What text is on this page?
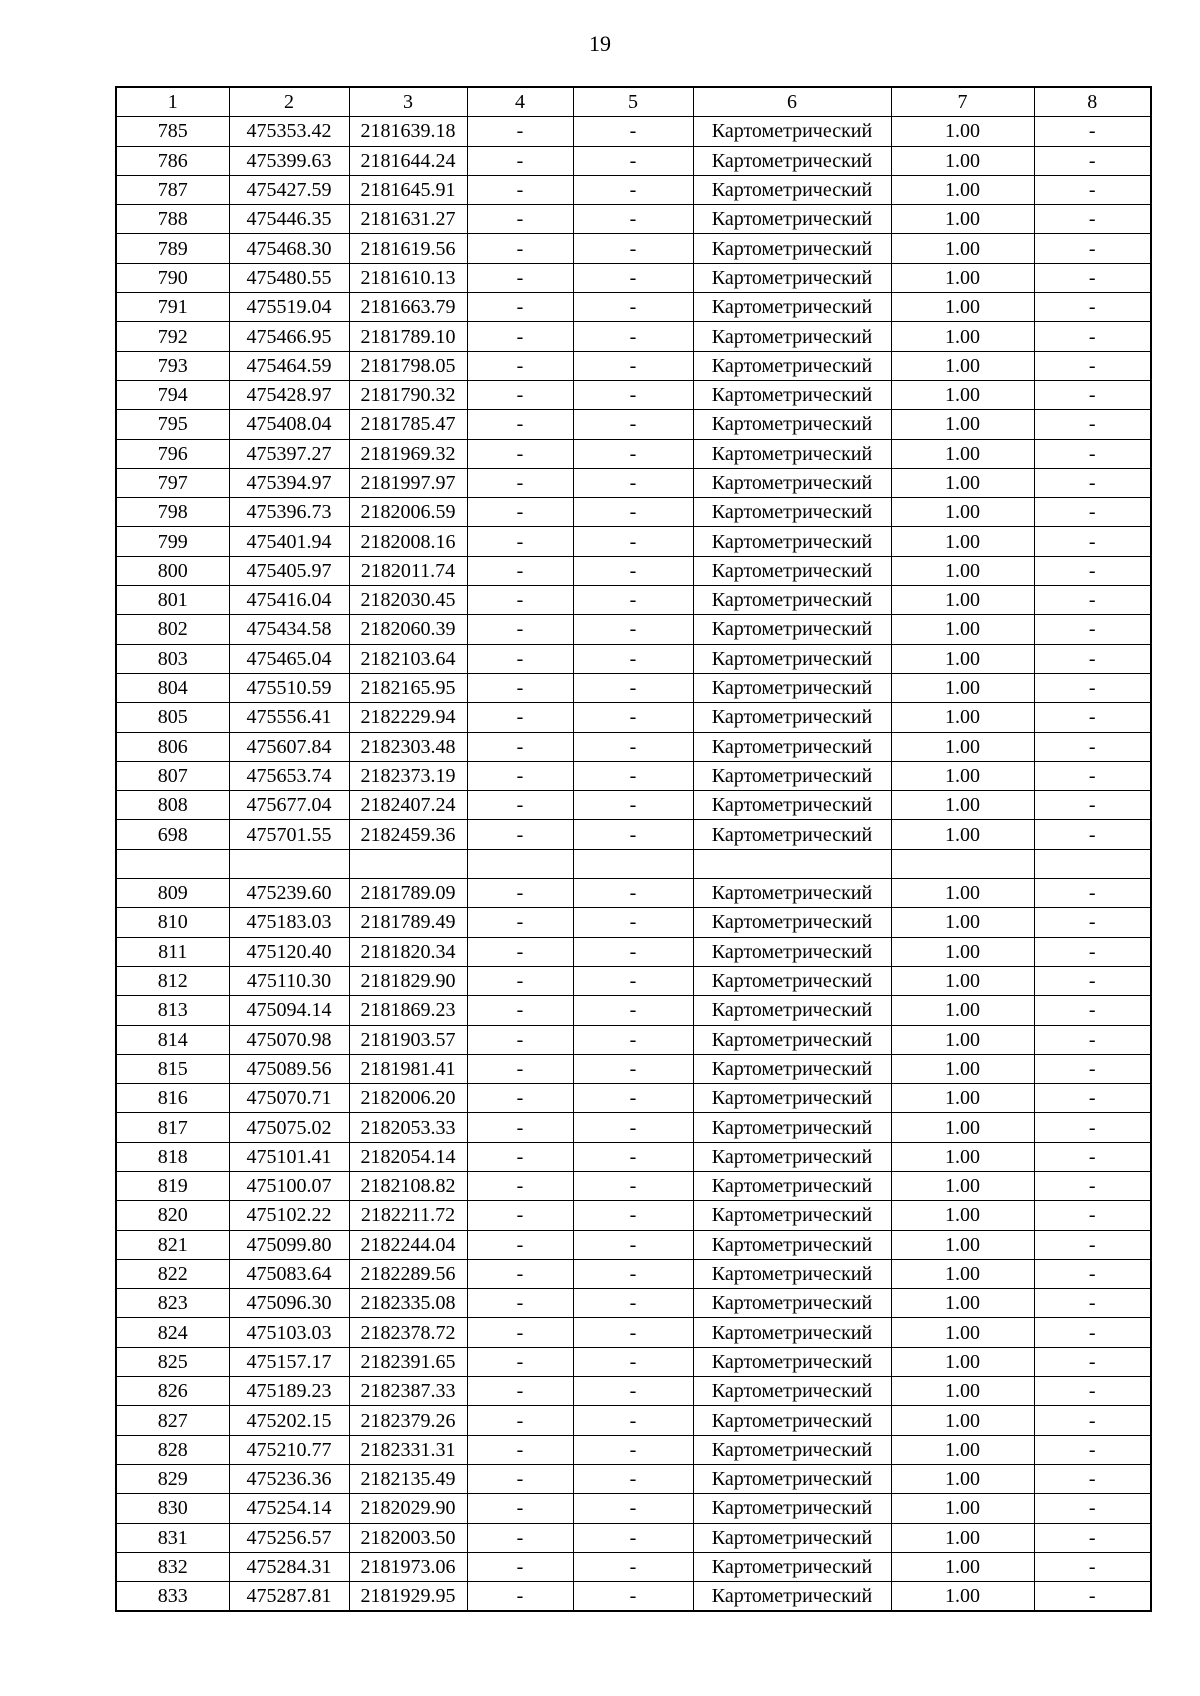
19
1	2	3	4	5	6	7	8
785	475353.42	2181639.18	-	-	Картометрический	1.00	-
786	475399.63	2181644.24	-	-	Картометрический	1.00	-
787	475427.59	2181645.91	-	-	Картометрический	1.00	-
788	475446.35	2181631.27	-	-	Картометрический	1.00	-
789	475468.30	2181619.56	-	-	Картометрический	1.00	-
790	475480.55	2181610.13	-	-	Картометрический	1.00	-
791	475519.04	2181663.79	-	-	Картометрический	1.00	-
792	475466.95	2181789.10	-	-	Картометрический	1.00	-
793	475464.59	2181798.05	-	-	Картометрический	1.00	-
794	475428.97	2181790.32	-	-	Картометрический	1.00	-
795	475408.04	2181785.47	-	-	Картометрический	1.00	-
796	475397.27	2181969.32	-	-	Картометрический	1.00	-
797	475394.97	2181997.97	-	-	Картометрический	1.00	-
798	475396.73	2182006.59	-	-	Картометрический	1.00	-
799	475401.94	2182008.16	-	-	Картометрический	1.00	-
800	475405.97	2182011.74	-	-	Картометрический	1.00	-
801	475416.04	2182030.45	-	-	Картометрический	1.00	-
802	475434.58	2182060.39	-	-	Картометрический	1.00	-
803	475465.04	2182103.64	-	-	Картометрический	1.00	-
804	475510.59	2182165.95	-	-	Картометрический	1.00	-
805	475556.41	2182229.94	-	-	Картометрический	1.00	-
806	475607.84	2182303.48	-	-	Картометрический	1.00	-
807	475653.74	2182373.19	-	-	Картометрический	1.00	-
808	475677.04	2182407.24	-	-	Картометрический	1.00	-
698	475701.55	2182459.36	-	-	Картометрический	1.00	-

809	475239.60	2181789.09	-	-	Картометрический	1.00	-
810	475183.03	2181789.49	-	-	Картометрический	1.00	-
811	475120.40	2181820.34	-	-	Картометрический	1.00	-
812	475110.30	2181829.90	-	-	Картометрический	1.00	-
813	475094.14	2181869.23	-	-	Картометрический	1.00	-
814	475070.98	2181903.57	-	-	Картометрический	1.00	-
815	475089.56	2181981.41	-	-	Картометрический	1.00	-
816	475070.71	2182006.20	-	-	Картометрический	1.00	-
817	475075.02	2182053.33	-	-	Картометрический	1.00	-
818	475101.41	2182054.14	-	-	Картометрический	1.00	-
819	475100.07	2182108.82	-	-	Картометрический	1.00	-
820	475102.22	2182211.72	-	-	Картометрический	1.00	-
821	475099.80	2182244.04	-	-	Картометрический	1.00	-
822	475083.64	2182289.56	-	-	Картометрический	1.00	-
823	475096.30	2182335.08	-	-	Картометрический	1.00	-
824	475103.03	2182378.72	-	-	Картометрический	1.00	-
825	475157.17	2182391.65	-	-	Картометрический	1.00	-
826	475189.23	2182387.33	-	-	Картометрический	1.00	-
827	475202.15	2182379.26	-	-	Картометрический	1.00	-
828	475210.77	2182331.31	-	-	Картометрический	1.00	-
829	475236.36	2182135.49	-	-	Картометрический	1.00	-
830	475254.14	2182029.90	-	-	Картометрический	1.00	-
831	475256.57	2182003.50	-	-	Картометрический	1.00	-
832	475284.31	2181973.06	-	-	Картометрический	1.00	-
833	475287.81	2181929.95	-	-	Картометрический	1.00	-
